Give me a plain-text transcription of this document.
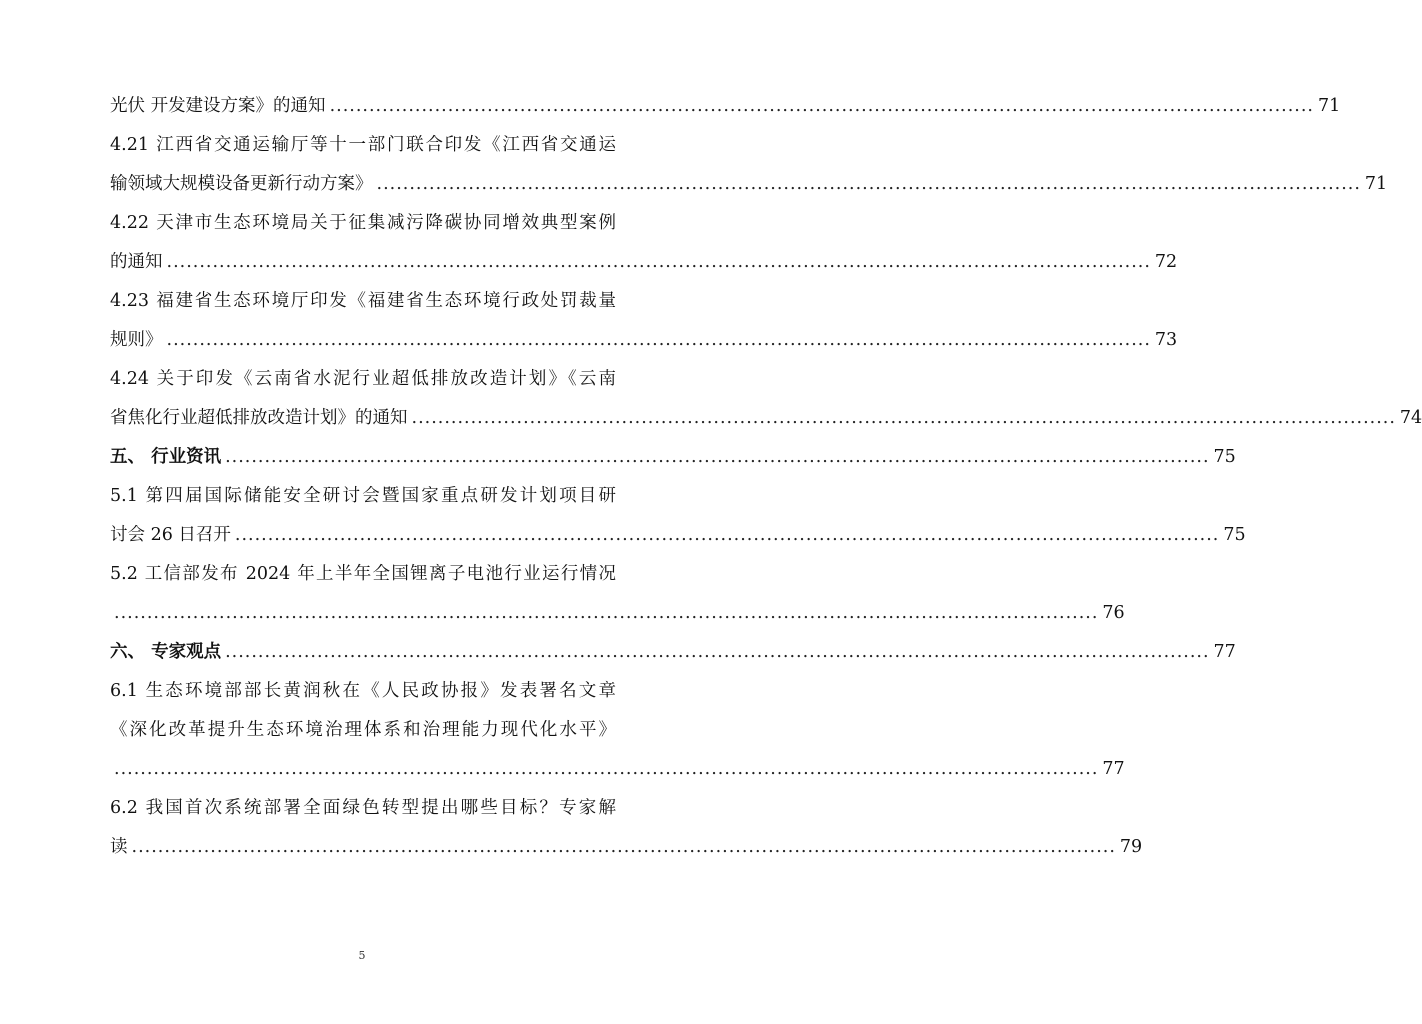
光伏 开发建设方案》的通知 ...................................................................................................................................................... 71
4.21 江西省交通运输厅等十一部门联合印发《江西省交通运
输领域大规模设备更新行动方案》 ...................................................................................................................................................... 71
4.22 天津市生态环境局关于征集减污降碳协同增效典型案例
的通知 ...................................................................................................................................................... 72
4.23 福建省生态环境厅印发《福建省生态环境行政处罚裁量
规则》 ...................................................................................................................................................... 73
4.24 关于印发《云南省水泥行业超低排放改造计划》《云南
省焦化行业超低排放改造计划》的通知 ...................................................................................................................................................... 74
五、 行业资讯 ...................................................................................................................................................... 75
5.1 第四届国际储能安全研讨会暨国家重点研发计划项目研
讨会 26 日召开 ...................................................................................................................................................... 75
5.2 工信部发布 2024 年上半年全国锂离子电池行业运行情况
...................................................................................................................................................... 76
六、 专家观点 ...................................................................................................................................................... 77
6.1 生态环境部部长黄润秋在《人民政协报》发表署名文章
《深化改革提升生态环境治理体系和治理能力现代化水平》
...................................................................................................................................................... 77
6.2 我国首次系统部署全面绿色转型提出哪些目标？专家解
读 ...................................................................................................................................................... 79
5
